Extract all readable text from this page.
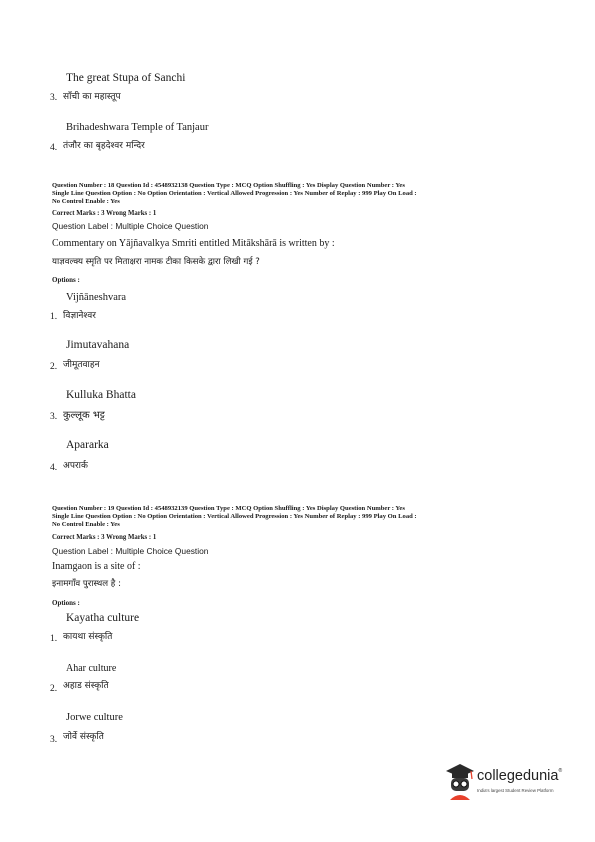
The great Stupa of Sanchi
3. साँची का महास्तूप
Brihadeshwara Temple of Tanjaur
4. तंजौर का बृहदेश्वर मन्दिर
Question Number : 18 Question Id : 4548932138 Question Type : MCQ Option Shuffling : Yes Display Question Number : Yes
Single Line Question Option : No Option Orientation : Vertical Allowed Progression : Yes Number of Replay : 999 Play On Load :
No Control Enable : Yes
Correct Marks : 3 Wrong Marks : 1
Question Label : Multiple Choice Question
Commentary on Yājñavalkya Smriti entitled Mitākshārā is written by :
याज्ञवल्क्य स्मृति पर मिताक्षरा नामक टीका किसके द्वारा लिखी गई ?
Options :
Vijñāneshvara
1. विज्ञानेश्वर
Jimutavahana
2. जीमूतवाहन
Kulluka Bhatta
3. कुल्लूक भट्ट
Apararka
4. अपरार्क
Question Number : 19 Question Id : 4548932139 Question Type : MCQ Option Shuffling : Yes Display Question Number : Yes
Single Line Question Option : No Option Orientation : Vertical Allowed Progression : Yes Number of Replay : 999 Play On Load :
No Control Enable : Yes
Correct Marks : 3 Wrong Marks : 1
Question Label : Multiple Choice Question
Inamgaon is a site of :
इनामगाँव पुरास्थल है :
Options :
Kayatha culture
1. कायथा संस्कृति
Ahar culture
2. अहाड संस्कृति
Jorwe culture
3. जोर्वे संस्कृति
collegedunia®
India's largest Student Review Platform
